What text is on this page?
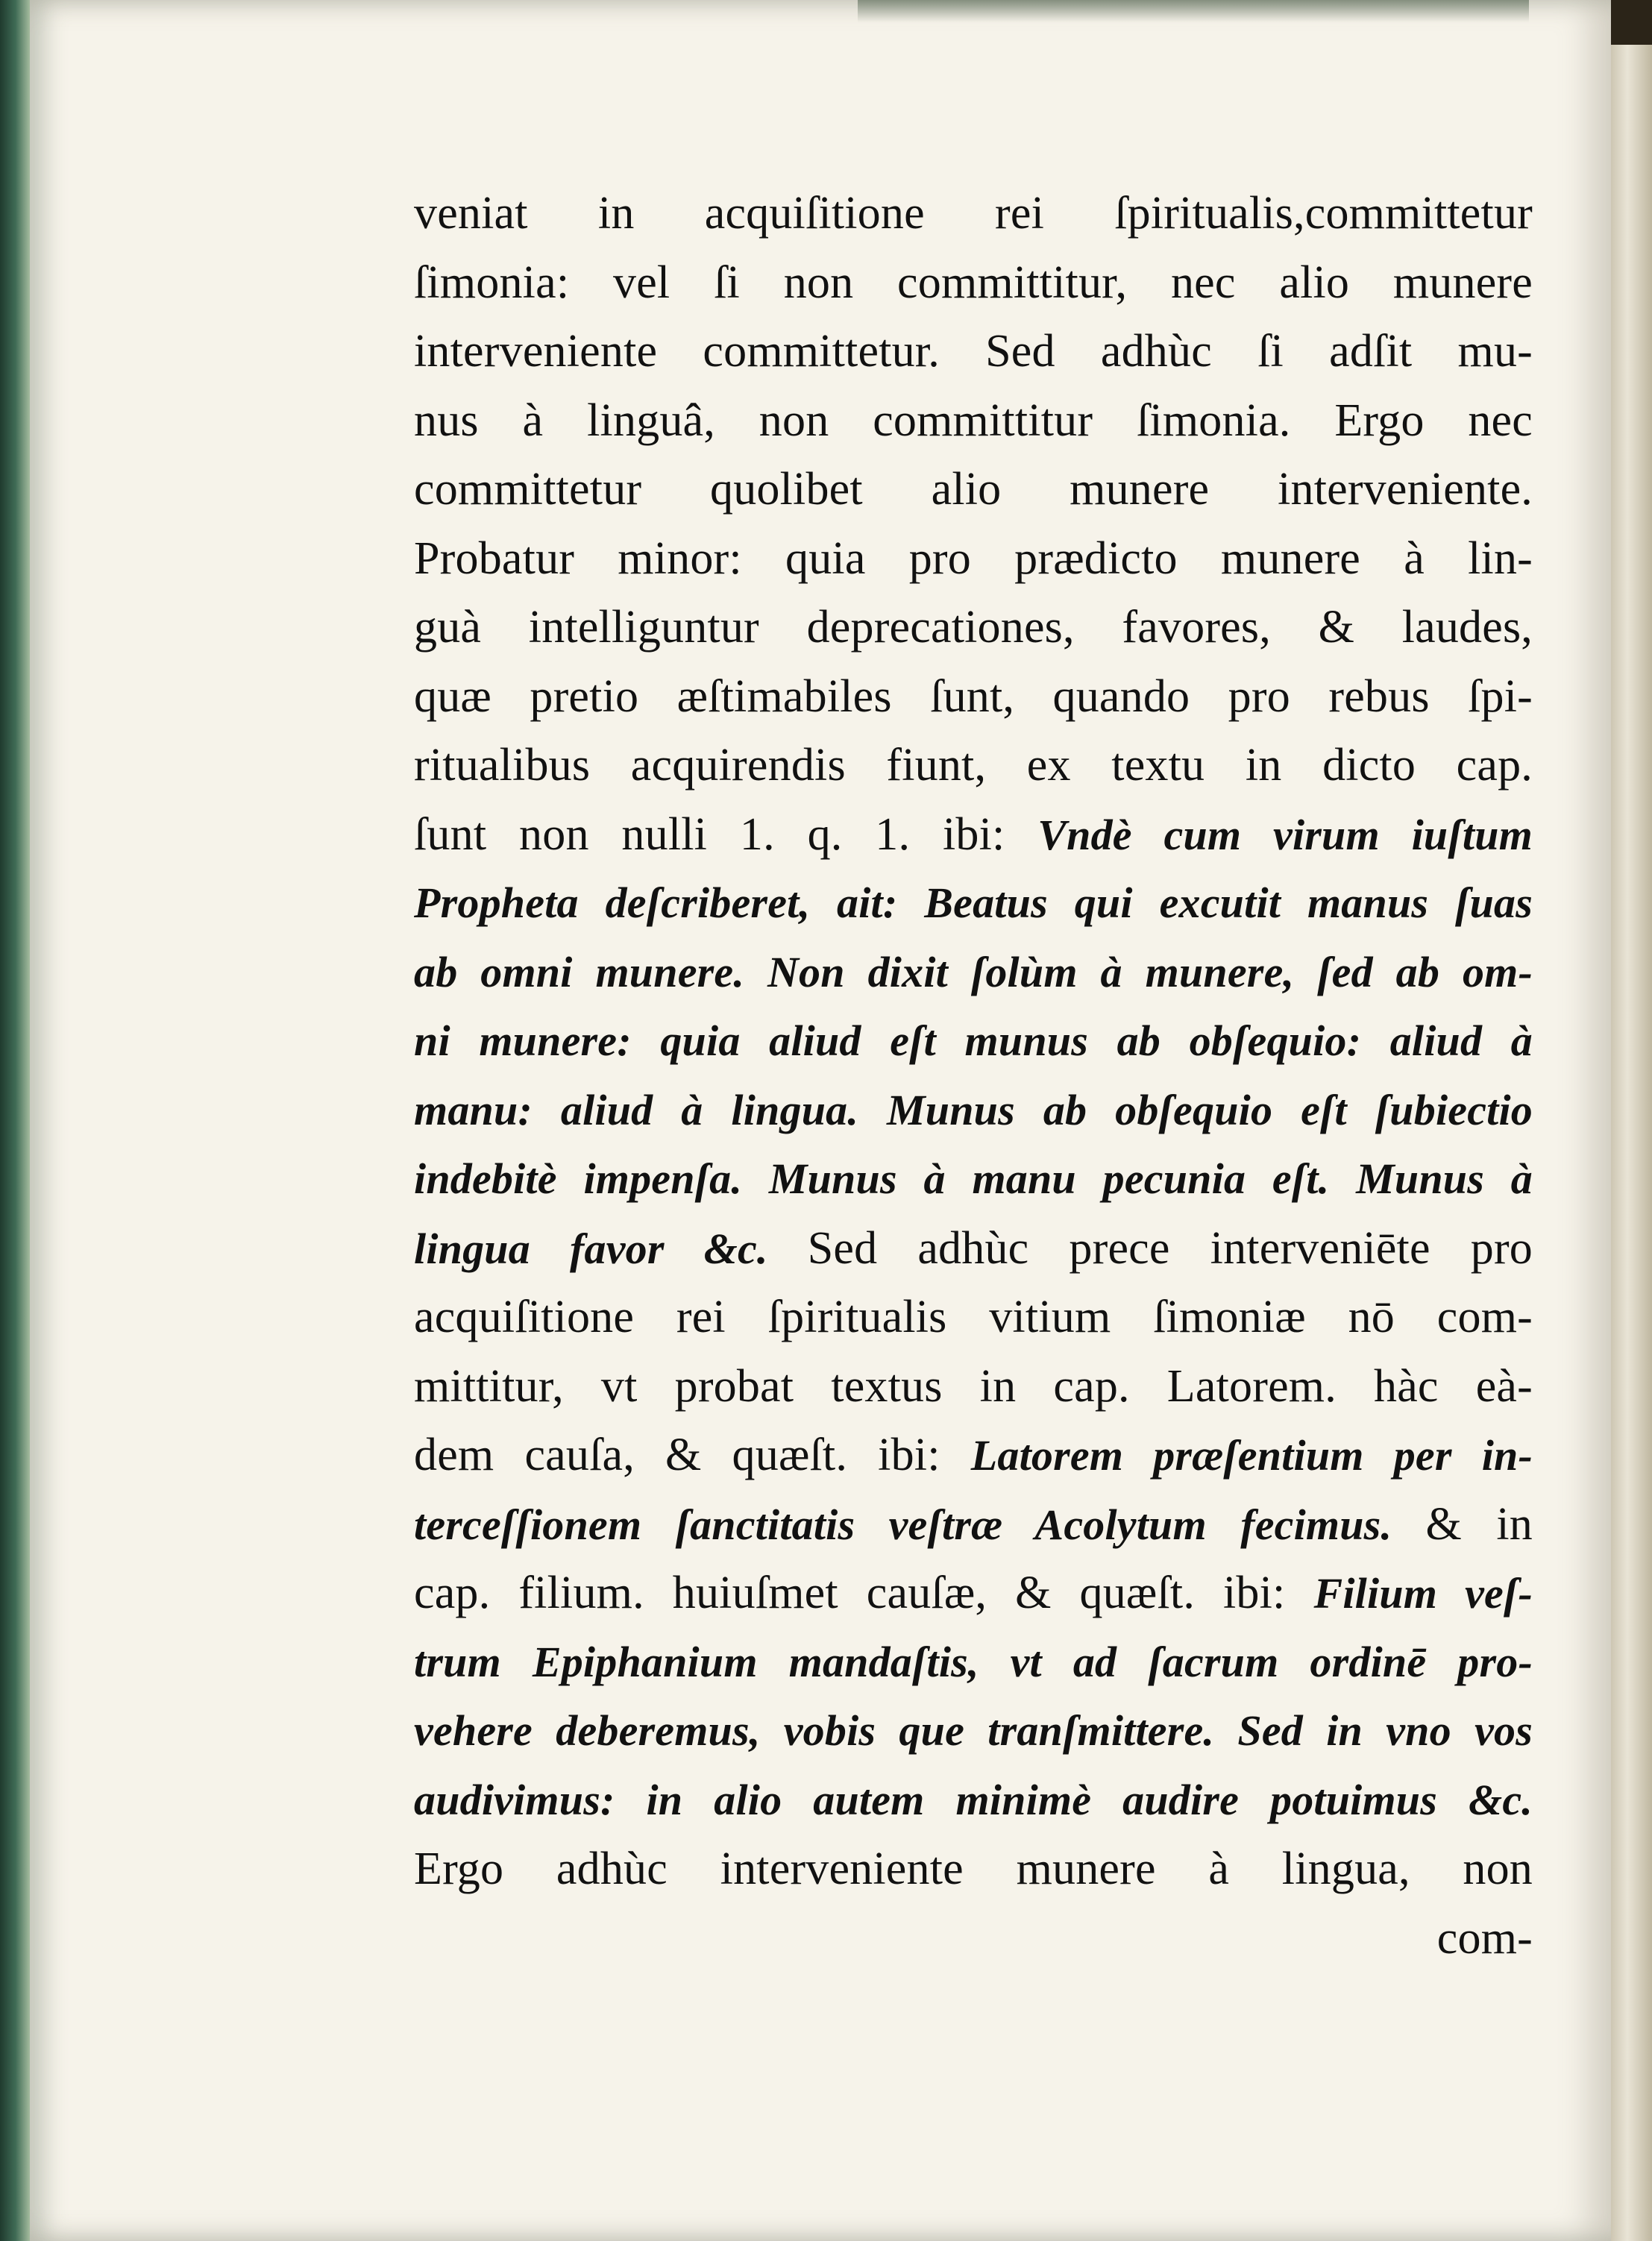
veniat in acquiſitione rei ſpiritualis,committetur
ſimonia: vel ſi non committitur, nec alio munere
interveniente committetur. Sed adhùc ſi adſit mu-
nus à linguâ, non committitur ſimonia. Ergo nec
committetur quolibet alio munere interveniente.
Probatur minor: quia pro prædicto munere à lin-
guà intelliguntur deprecationes, favores, & laudes,
quæ pretio æſtimabiles ſunt, quando pro rebus ſpi-
ritualibus acquirendis fiunt, ex textu in dicto cap.
ſunt non nulli 1. q. 1. ibi: Vndè cum virum iuſtum
Propheta deſcriberet, ait: Beatus qui excutit manus ſuas
ab omni munere. Non dixit ſolùm à munere, ſed ab om-
ni munere: quia aliud eſt munus ab obſequio: aliud à
manu: aliud à lingua. Munus ab obſequio eſt ſubiectio
indebitè impenſa. Munus à manu pecunia eſt. Munus à
lingua favor &c. Sed adhùc prece interveniēte pro
acquiſitione rei ſpiritualis vitium ſimoniæ nō com-
mittitur, vt probat textus in cap. Latorem. hàc eà-
dem cauſa, & quæſt. ibi: Latorem præſentium per in-
terceſſionem ſanctitatis veſtræ Acolytum fecimus. & in
cap. filium. huiuſmet cauſæ, & quæſt. ibi: Filium veſ-
trum Epiphanium mandaſtis, vt ad ſacrum ordinē pro-
vehere deberemus, vobis que tranſmittere. Sed in vno vos
audivimus: in alio autem minimè audire potuimus &c.
Ergo adhùc interveniente munere à lingua, non
com-
